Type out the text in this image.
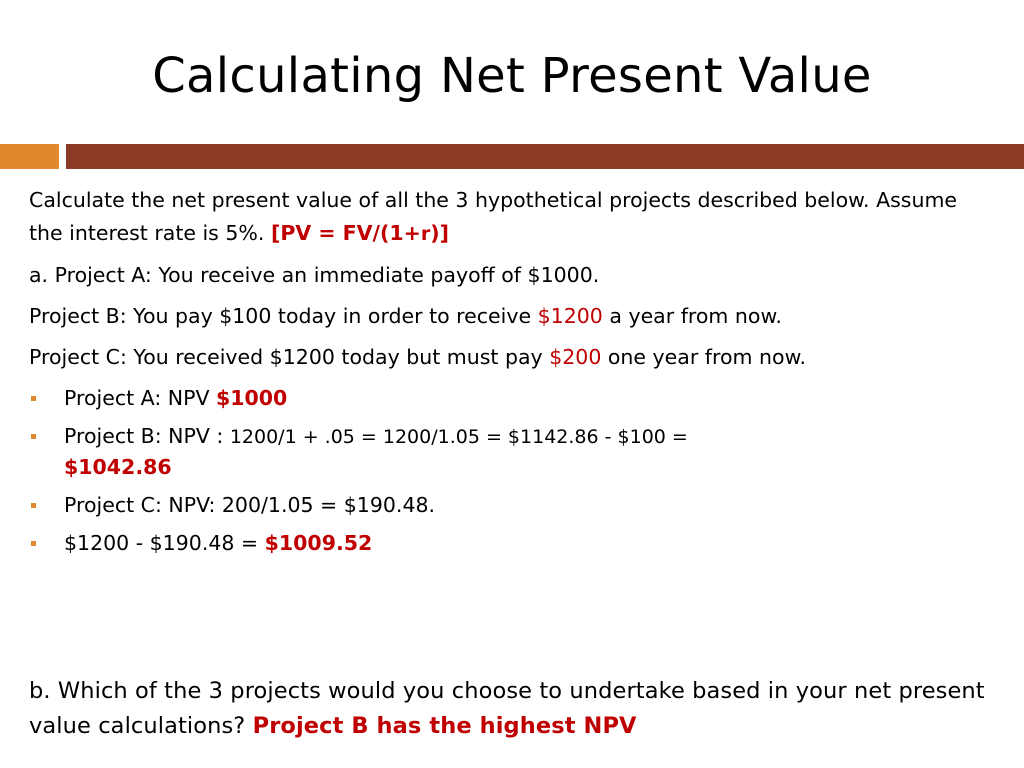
Calculating Net Present Value

Calculate the net present value of all the 3 hypothetical projects described below. Assume the interest rate is 5%. [PV = FV/(1+r)]

a. Project A: You receive an immediate payoff of $1000.

Project B: You pay $100 today in order to receive $1200 a year from now.

Project C: You received $1200 today but must pay $200 one year from now.

Project A: NPV $1000
Project B: NPV : 1200/1 + .05 = 1200/1.05 = $1142.86 - $100 =
$1042.86
Project C: NPV: 200/1.05 = $190.48.
$1200 - $190.48 = $1009.52

b. Which of the 3 projects would you choose to undertake based in your net present value calculations? Project B has the highest NPV
